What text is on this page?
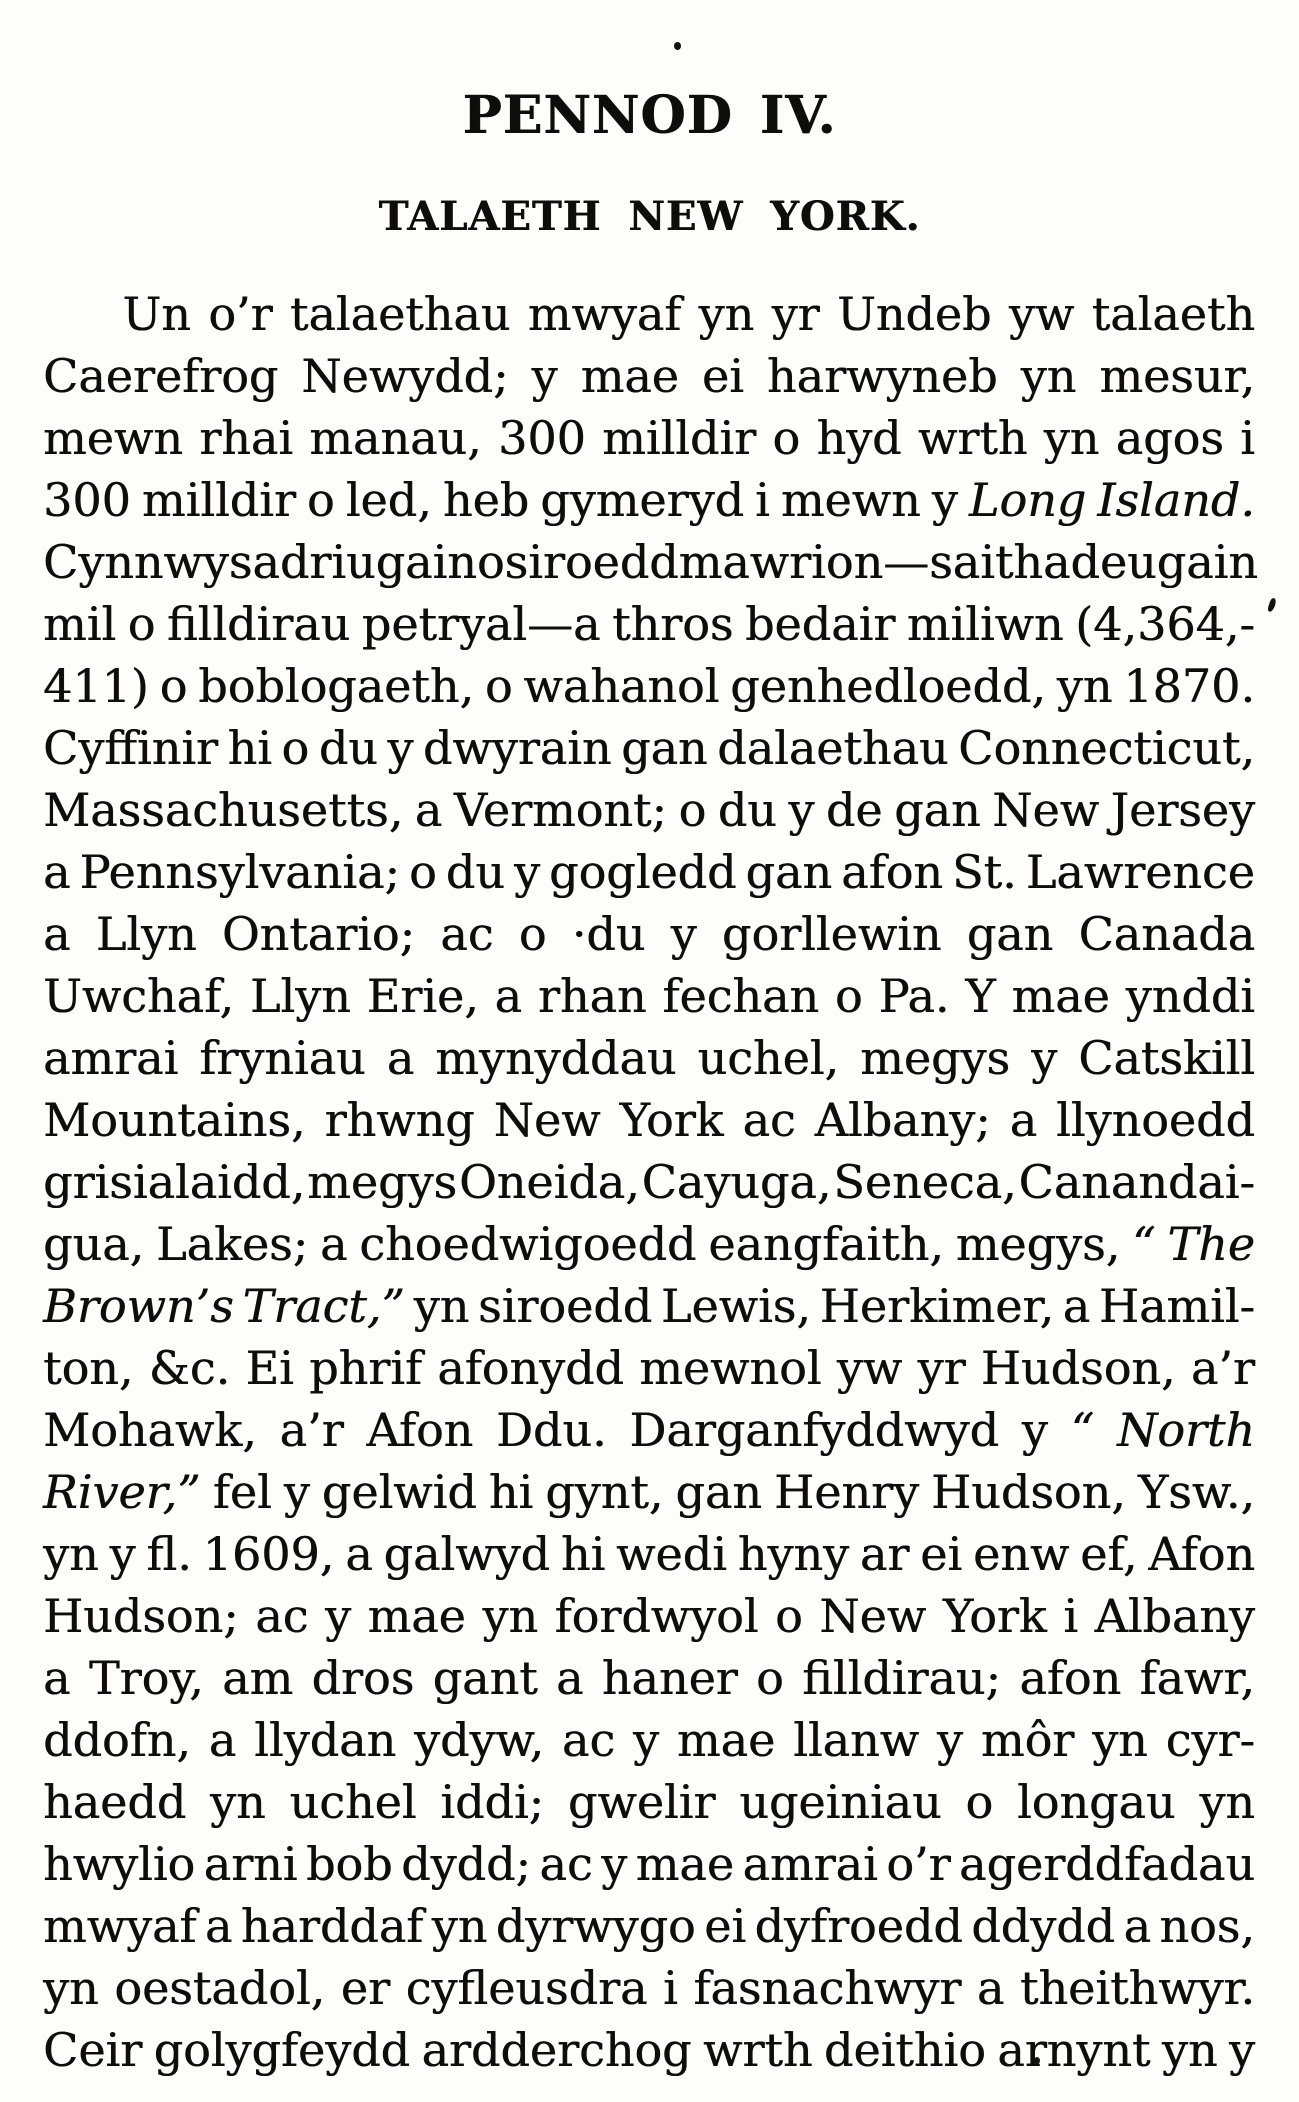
PENNOD IV.
TALAETH NEW YORK.
Un o’r talaethau mwyaf yn yr Undeb yw talaeth
Caerefrog Newydd; y mae ei harwyneb yn mesur,
mewn rhai manau, 300 milldir o hyd wrth yn agos i
300 milldir o led, heb gymeryd i mewn y Long Island.
Cynnwysa driugain o siroedd mawrion—saith a deugain
mil o filldirau petryal—a thros bedair miliwn (4,364,-
411) o boblogaeth, o wahanol genhedloedd, yn 1870.
Cyffinir hi o du y dwyrain gan dalaethau Connecticut,
Massachusetts, a Vermont; o du y de gan New Jersey
a Pennsylvania; o du y gogledd gan afon St. Lawrence
a Llyn Ontario; ac o ·du y gorllewin gan Canada
Uwchaf, Llyn Erie, a rhan fechan o Pa. Y mae ynddi
amrai fryniau a mynyddau uchel, megys y Catskill
Mountains, rhwng New York ac Albany; a llynoedd
grisialaidd, megys Oneida, Cayuga, Seneca, Canandai-
gua, Lakes; a choedwigoedd eangfaith, megys, “ The
Brown’s Tract,” yn siroedd Lewis, Herkimer, a Hamil-
ton, &c. Ei phrif afonydd mewnol yw yr Hudson, a’r
Mohawk, a’r Afon Ddu. Darganfyddwyd y “ North
River,” fel y gelwid hi gynt, gan Henry Hudson, Ysw.,
yn y fl. 1609, a galwyd hi wedi hyny ar ei enw ef, Afon
Hudson; ac y mae yn fordwyol o New York i Albany
a Troy, am dros gant a haner o filldirau; afon fawr,
ddofn, a llydan ydyw, ac y mae llanw y môr yn cyr-
haedd yn uchel iddi; gwelir ugeiniau o longau yn
hwylio arni bob dydd; ac y mae amrai o’r agerddfadau
mwyaf a harddaf yn dyrwygo ei dyfroedd ddydd a nos,
yn oestadol, er cyfleusdra i fasnachwyr a theithwyr.
Ceir golygfeydd ardderchog wrth deithio arnynt yn y
